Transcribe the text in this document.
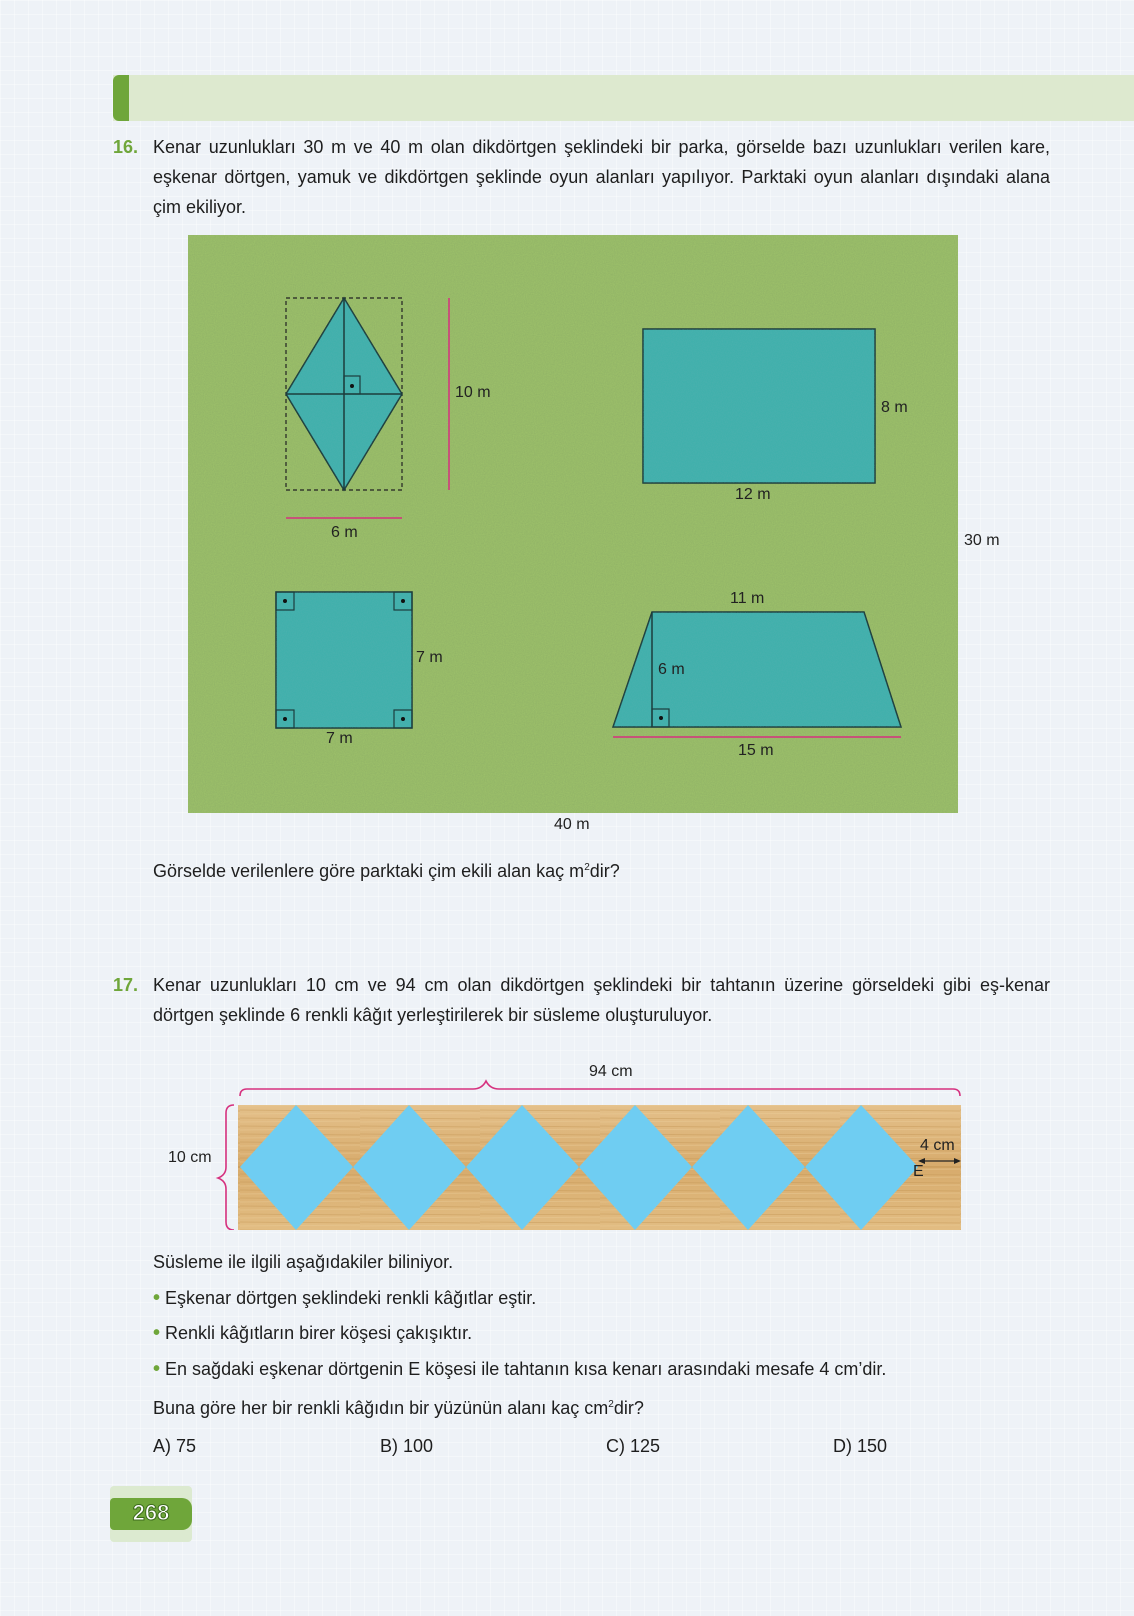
16. Kenar uzunlukları 30 m ve 40 m olan dikdörtgen şeklindeki bir parka, görselde bazı uzunlukları verilen kare, eşkenar dörtgen, yamuk ve dikdörtgen şeklinde oyun alanları yapılıyor. Parktaki oyun alanları dışındaki alana çim ekiliyor.
10 m
6 m
8 m
12 m
30 m
40 m
7 m
7 m
11 m
6 m
15 m
Görselde verilenlere göre parktaki çim ekili alan kaç $m^2dir$?
17. Kenar uzunlukları 10 cm ve 94 cm olan dikdörtgen şeklindeki bir tahtanın üzerine görseldeki gibi eş-kenar dörtgen şeklinde 6 renkli kâğıt yerleştirilerek bir süsleme oluşturuluyor.
94 cm
10 cm
4 cm
E
Süsleme ile ilgili aşağıdakiler biliniyor.
• Eşkenar dörtgen şeklindeki renkli kâğıtlar eştir.
• Renkli kâğıtların birer köşesi çakışıktır.
• En sağdaki eşkenar dörtgenin E köşesi ile tahtanın kısa kenarı arasındaki mesafe 4 cm’dir.
Buna göre her bir renkli kâğıdın bir yüzünün alanı kaç $cm^2dir$?
A) 75	B) 100	C) 125	D) 150
268
